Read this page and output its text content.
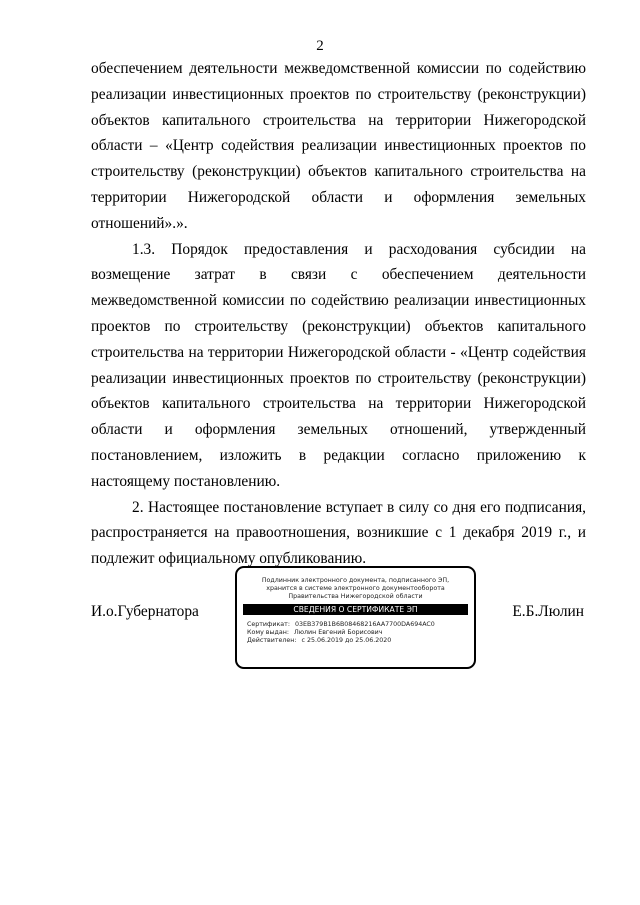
2

обеспечением деятельности межведомственной комиссии по содействию реализации инвестиционных проектов по строительству (реконструкции) объектов капитального строительства на территории Нижегородской области – «Центр содействия реализации инвестиционных проектов по строительству (реконструкции) объектов капитального строительства на территории Нижегородской области и оформления земельных отношений».».

1.3. Порядок предоставления и расходования субсидии на возмещение затрат в связи с обеспечением деятельности межведомственной комиссии по содействию реализации инвестиционных проектов по строительству (реконструкции) объектов капитального строительства на территории Нижегородской области - «Центр содействия реализации инвестиционных проектов по строительству (реконструкции) объектов капитального строительства на территории Нижегородской области и оформления земельных отношений, утвержденный постановлением, изложить в редакции согласно приложению к настоящему постановлению.

2. Настоящее постановление вступает в силу со дня его подписания, распространяется на правоотношения, возникшие с 1 декабря 2019 г., и подлежит официальному опубликованию.

И.о.Губернатора
Подлинник электронного документа, подписанного ЭП,
хранится в системе электронного документооборота
Правительства Нижегородской области
СВЕДЕНИЯ О СЕРТИФИКАТЕ ЭП
Сертификат: 03EB379B1B6B08468216AA7700DA694AC0
Кому выдан: Люлин Евгений Борисович
Действителен: с 25.06.2019 до 25.06.2020
Е.Б.Люлин
